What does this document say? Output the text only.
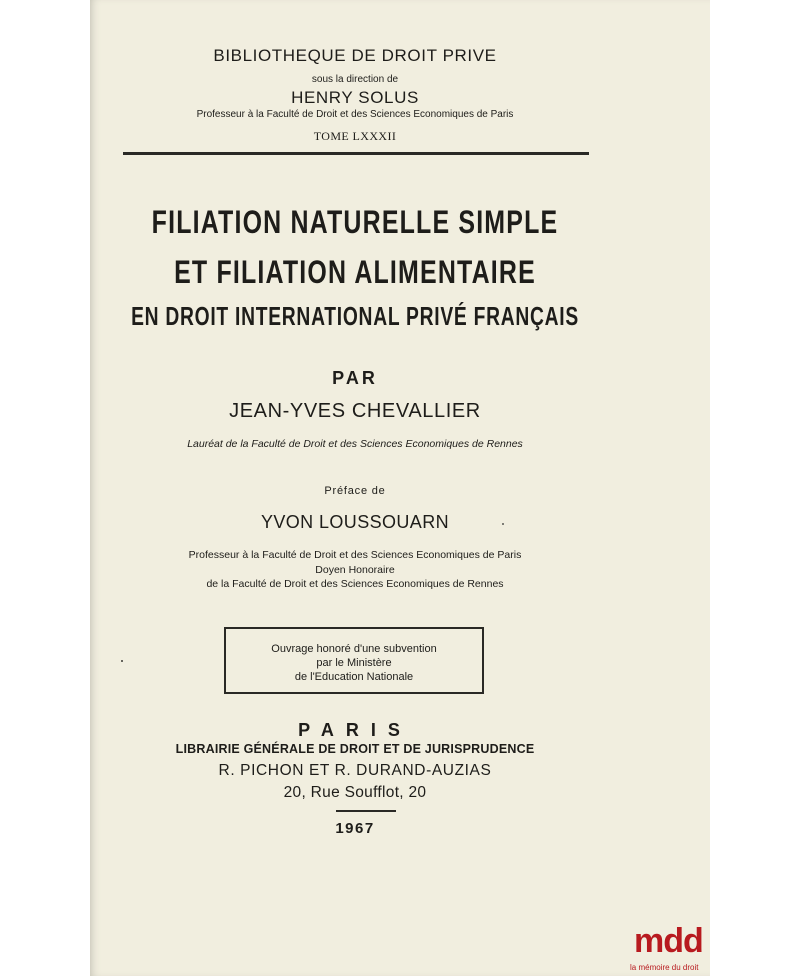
BIBLIOTHEQUE DE DROIT PRIVE
sous la direction de
HENRY SOLUS
Professeur à la Faculté de Droit et des Sciences Economiques de Paris
TOME LXXXII
FILIATION NATURELLE SIMPLE
ET FILIATION ALIMENTAIRE
EN DROIT INTERNATIONAL PRIVÉ FRANÇAIS
PAR
JEAN-YVES CHEVALLIER
Lauréat de la Faculté de Droit et des Sciences Economiques de Rennes
Préface de
YVON LOUSSOUARN
Professeur à la Faculté de Droit et des Sciences Economiques de Paris
Doyen Honoraire
de la Faculté de Droit et des Sciences Economiques de Rennes
Ouvrage honoré d'une subvention
par le Ministère
de l'Education Nationale
PARIS
LIBRAIRIE GÉNÉRALE DE DROIT ET DE JURISPRUDENCE
R. PICHON ET R. DURAND-AUZIAS
20, Rue Soufflot, 20
1967
mdd
la mémoire du droit
